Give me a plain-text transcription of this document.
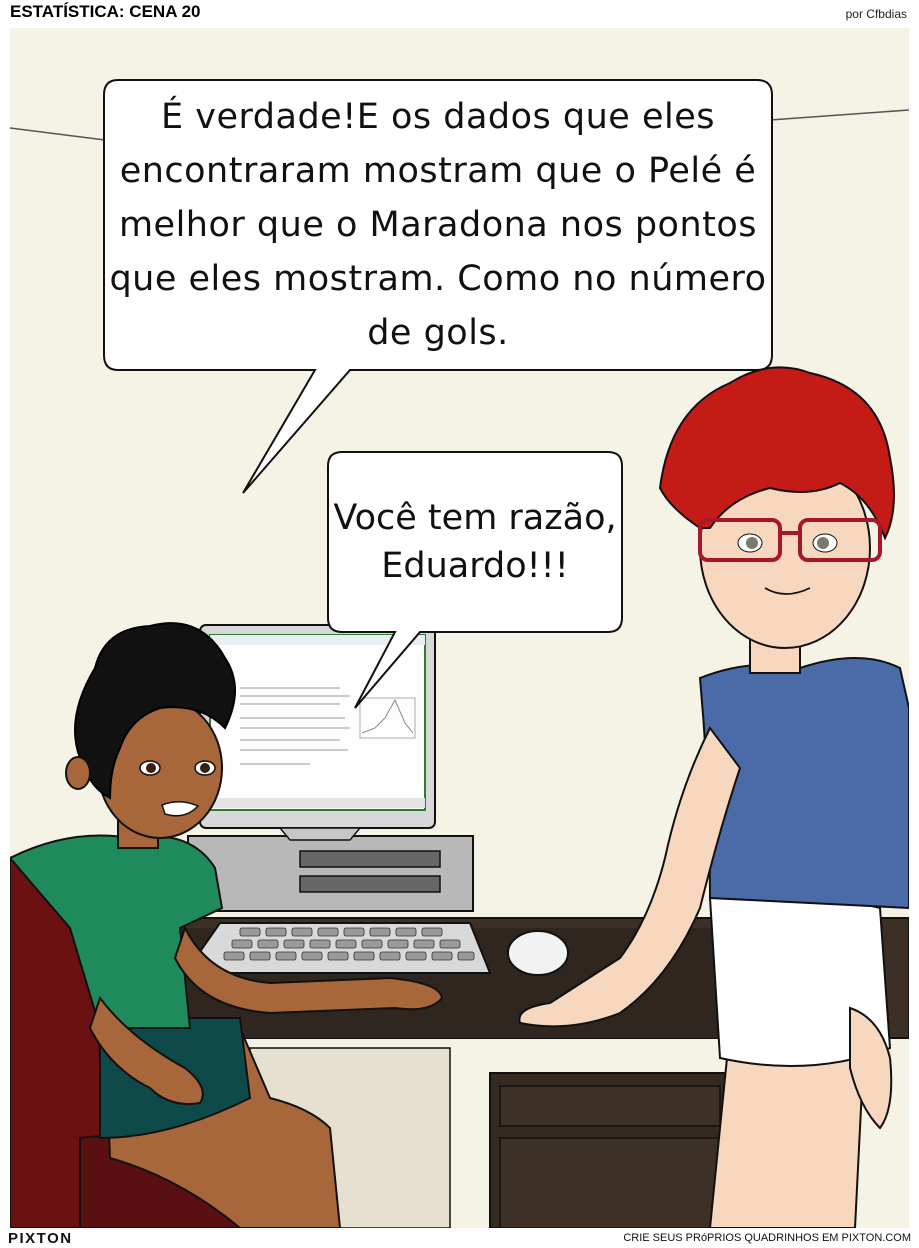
ESTATÍSTICA: CENA 20	por Cfbdias
É verdade!E os dados que eles encontraram mostram que o Pelé é melhor que o Maradona nos pontos que eles mostram. Como no número de gols.
Você tem razão, Eduardo!!!
PIXTON	CRIE SEUS PRóPRIOS QUADRINHOS EM PIXTON.COM
